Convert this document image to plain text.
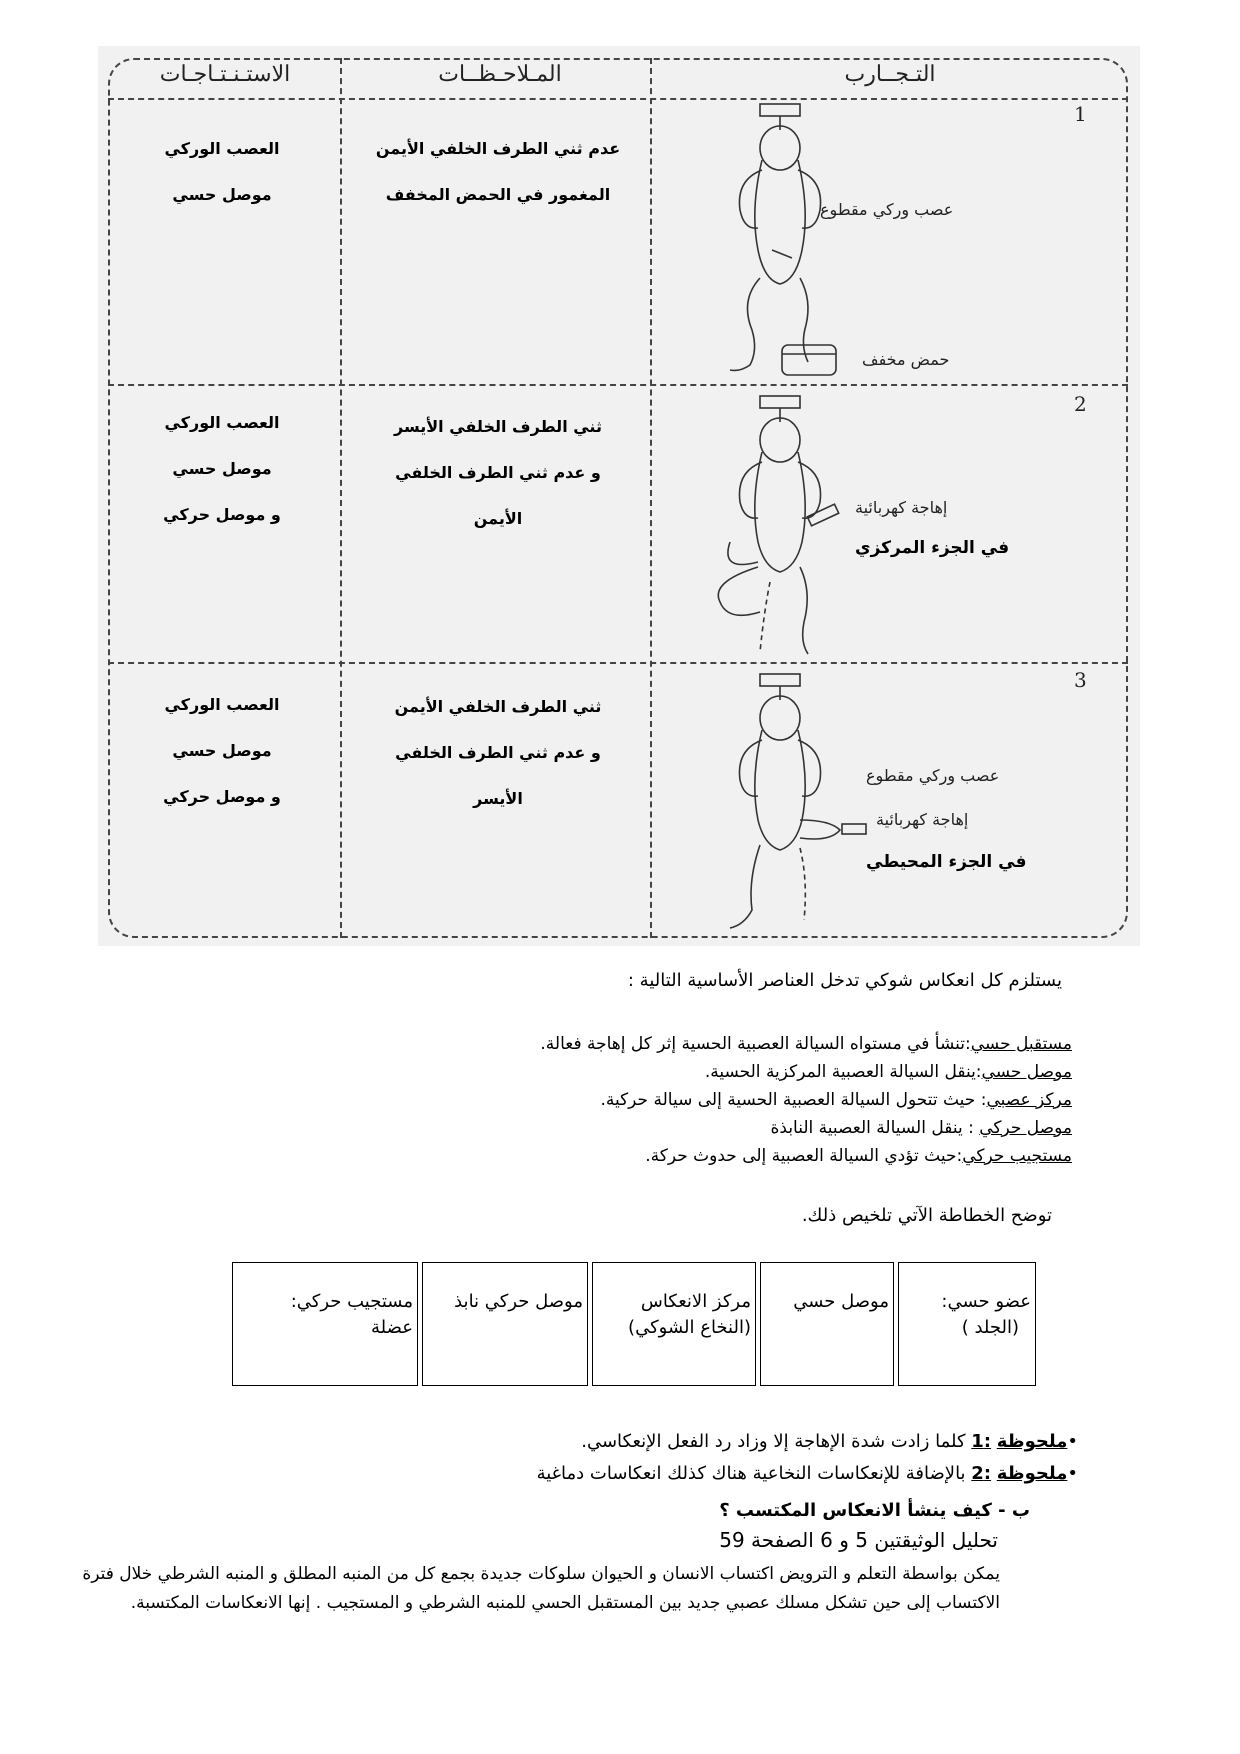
التـجــارب
المـلاحـظــات
الاستـنـتـاجـات
1
2
3
عدم ثني الطرف الخلفي الأيمن
المغمور في الحمض المخفف
العصب الوركي
موصل حسي
ثني الطرف الخلفي الأيسر
و عدم ثني الطرف الخلفي
الأيمن
العصب الوركي
موصل حسي
و موصل حركي
ثني الطرف الخلفي الأيمن
و عدم ثني الطرف الخلفي
الأيسر
العصب الوركي
موصل حسي
و موصل حركي
عصب وركي مقطوع
حمض مخفف
إهاجة كهربائية
في الجزء المركزي
عصب وركي مقطوع
إهاجة كهربائية
في الجزء المحيطي
يستلزم كل انعكاس شوكي تدخل العناصر الأساسية التالية :
مستقبل حسي:تنشأ في مستواه السيالة العصبية الحسية إثر كل إهاجة فعالة.
موصل حسي:ينقل السيالة العصبية المركزية الحسية.
مركز عصبي: حيث تتحول السيالة العصبية الحسية إلى سيالة حركية.
موصل حركي : ينقل السيالة العصبية النابذة
مستجيب حركي:حيث تؤدي السيالة العصبية إلى حدوث حركة.
توضح الخطاطة الآتي تلخيص ذلك.
عضو حسي:
(الجلد )
موصل حسي
مركز الانعكاس
(النخاع الشوكي)
موصل حركي نابذ
مستجيب حركي:
عضلة
•ملحوظة :1 كلما زادت شدة الإهاجة إلا وزاد رد الفعل الإنعكاسي.
•ملحوظة :2 بالإضافة للإنعكاسات النخاعية هناك كذلك انعكاسات دماغية
ب - كيف ينشأ الانعكاس المكتسب ؟
تحليل الوثيقتين 5 و 6 الصفحة 59
يمكن بواسطة التعلم و الترويض اكتساب الانسان و الحيوان سلوكات جديدة بجمع كل من المنبه المطلق و المنبه الشرطي خلال فترة الاكتساب إلى حين تشكل مسلك عصبي جديد بين المستقبل الحسي للمنبه الشرطي و المستجيب . إنها الانعكاسات المكتسبة.
